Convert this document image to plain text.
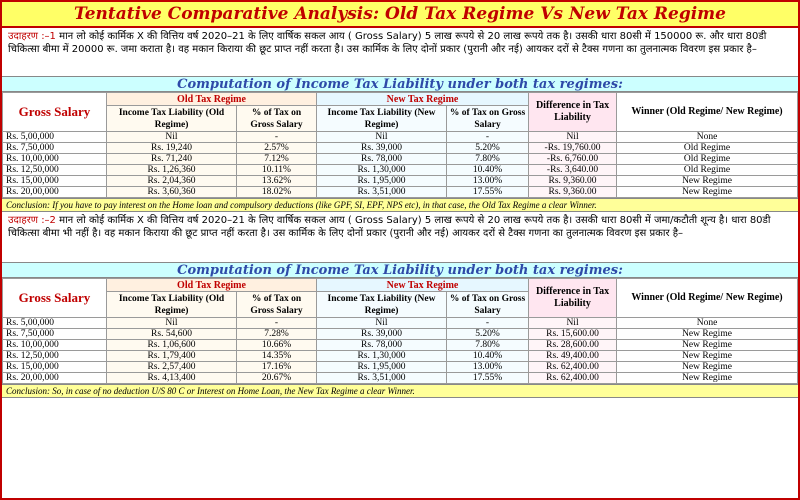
Tentative Comparative Analysis: Old Tax Regime Vs New Tax Regime
उदाहरण :–1 मान लो कोई कार्मिक X की वित्तिय वर्ष 2020–21 के लिए वार्षिक सकल आय ( Gross Salary) 5 लाख रूपये से 20 लाख रूपये तक है। उसकी धारा 80सी में 150000 रू. और धारा 80डी चिकित्सा बीमा में 20000 रू. जमा कराता है। वह मकान किराया की छूट प्राप्त नहीं करता है। उस कार्मिक के लिए दोनों प्रकार (पुरानी और नई) आयकर दरों से टैक्स गणना का तुलनात्मक विवरण इस प्रकार है–
Computation of Income Tax Liability under both tax regimes:
Gross Salary	Old Tax Regime		New Tax Regime		Difference in Tax Liability	Winner (Old Regime/ New Regime)
	Income Tax Liability (Old Regime)	% of Tax on Gross Salary	Income Tax Liability (New Regime)	% of Tax on Gross Salary		
Rs. 5,00,000	Nil	-	Nil	-	Nil	None
Rs. 7,50,000	Rs. 19,240	2.57%	Rs. 39,000	5.20%	-Rs. 19,760.00	Old Regime
Rs. 10,00,000	Rs. 71,240	7.12%	Rs. 78,000	7.80%	-Rs. 6,760.00	Old Regime
Rs. 12,50,000	Rs. 1,26,360	10.11%	Rs. 1,30,000	10.40%	-Rs. 3,640.00	Old Regime
Rs. 15,00,000	Rs. 2,04,360	13.62%	Rs. 1,95,000	13.00%	Rs. 9,360.00	New Regime
Rs. 20,00,000	Rs. 3,60,360	18.02%	Rs. 3,51,000	17.55%	Rs. 9,360.00	New Regime
Conclusion: If you have to pay interest on the Home loan and compulsory deductions (like GPF, SI, EPF, NPS etc), in that case, the Old Tax Regime a clear Winner.
उदाहरण :–2 मान लो कोई कार्मिक X की वित्तिय वर्ष 2020–21 के लिए वार्षिक सकल आय ( Gross Salary) 5 लाख रूपये से 20 लाख रूपये तक है। उसकी धारा 80सी में जमा/कटौती शून्य है। धारा 80डी चिकित्सा बीमा भी नहीं है। वह मकान किराया की छूट प्राप्त नहीं करता है। उस कार्मिक के लिए दोनों प्रकार (पुरानी और नई) आयकर दरों से टैक्स गणना का तुलनात्मक विवरण इस प्रकार है–
Computation of Income Tax Liability under both tax regimes:
Gross Salary	Old Tax Regime		New Tax Regime		Difference in Tax Liability	Winner (Old Regime/ New Regime)
	Income Tax Liability (Old Regime)	% of Tax on Gross Salary	Income Tax Liability (New Regime)	% of Tax on Gross Salary		
Rs. 5,00,000	Nil	-	Nil	-	Nil	None
Rs. 7,50,000	Rs. 54,600	7.28%	Rs. 39,000	5.20%	Rs. 15,600.00	New Regime
Rs. 10,00,000	Rs. 1,06,600	10.66%	Rs. 78,000	7.80%	Rs. 28,600.00	New Regime
Rs. 12,50,000	Rs. 1,79,400	14.35%	Rs. 1,30,000	10.40%	Rs. 49,400.00	New Regime
Rs. 15,00,000	Rs. 2,57,400	17.16%	Rs. 1,95,000	13.00%	Rs. 62,400.00	New Regime
Rs. 20,00,000	Rs. 4,13,400	20.67%	Rs. 3,51,000	17.55%	Rs. 62,400.00	New Regime
Conclusion: So, in case of no deduction U/S 80 C or Interest on Home Loan, the New Tax Regime a clear Winner.
